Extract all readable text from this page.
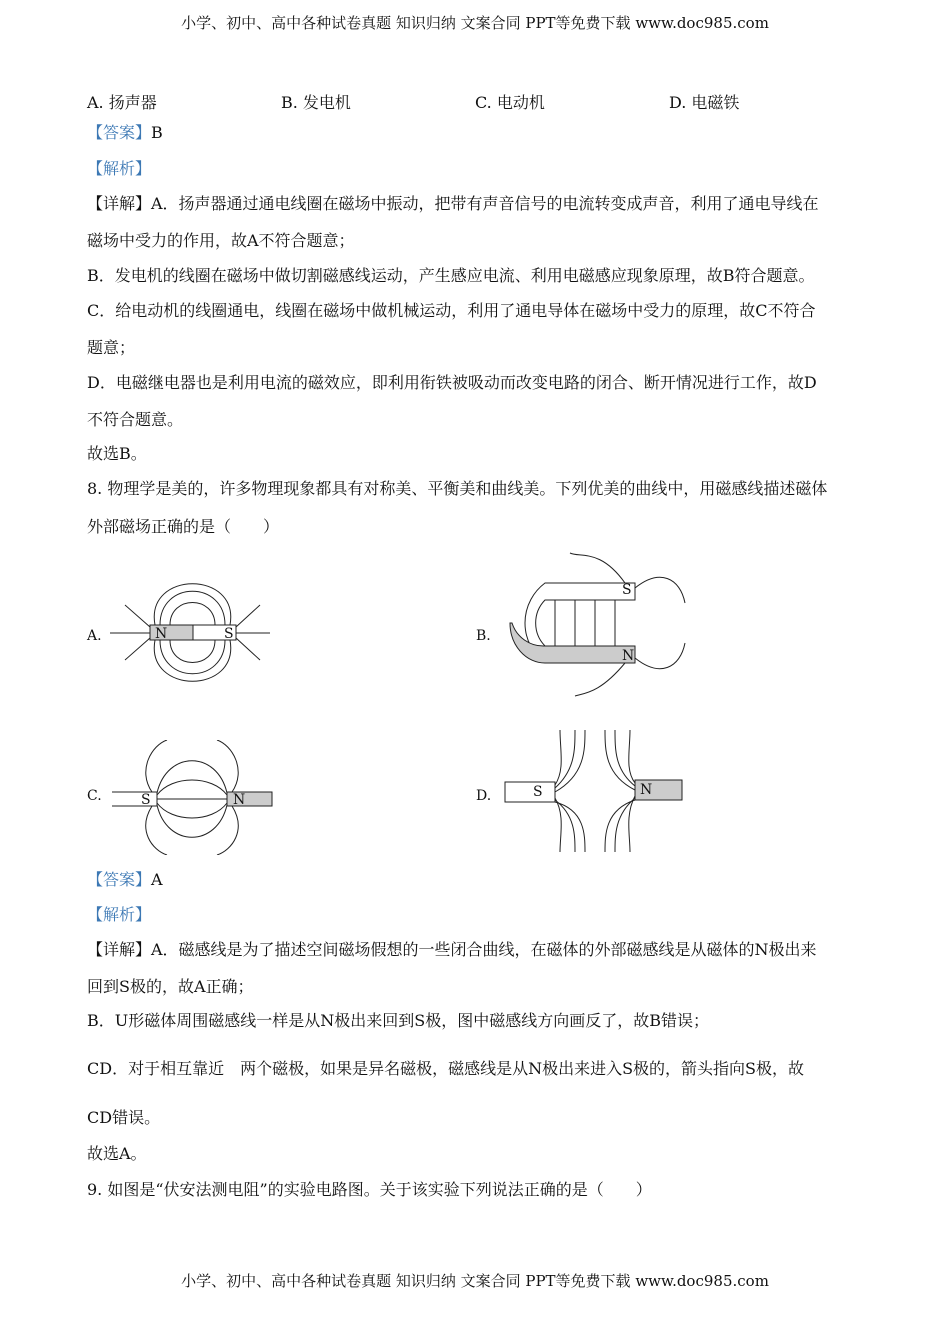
小学、初中、高中各种试卷真题 知识归纳 文案合同 PPT等免费下载 www.doc985.com
A. 扬声器	B. 发电机	C. 电动机	D. 电磁铁
【答案】B
【解析】
【详解】A．扬声器通过通电线圈在磁场中振动，把带有声音信号的电流转变成声音，利用了通电导线在
磁场中受力的作用，故A不符合题意；
B．发电机的线圈在磁场中做切割磁感线运动，产生感应电流、利用电磁感应现象原理，故B符合题意。
C．给电动机的线圈通电，线圈在磁场中做机械运动，利用了通电导体在磁场中受力的原理，故C不符合
题意；
D．电磁继电器也是利用电流的磁效应，即利用衔铁被吸动而改变电路的闭合、断开情况进行工作，故D
不符合题意。
故选B。
8. 物理学是美的，许多物理现象都具有对称美、平衡美和曲线美。下列优美的曲线中，用磁感线描述磁体
外部磁场正确的是（　　）
A.	N	S	B.
S
N
C.	S	N	D.	S	N
【答案】A
【解析】
【详解】A．磁感线是为了描述空间磁场假想的一些闭合曲线，在磁体的外部磁感线是从磁体的N极出来
回到S极的，故A正确；
B．U形磁体周围磁感线一样是从N极出来回到S极，图中磁感线方向画反了，故B错误；
CD．对于相互靠近　两个磁极，如果是异名磁极，磁感线是从N极出来进入S极的，箭头指向S极，故
CD错误。
故选A。
9. 如图是“伏安法测电阻”的实验电路图。关于该实验下列说法正确的是（　　）
小学、初中、高中各种试卷真题 知识归纳 文案合同 PPT等免费下载 www.doc985.com
